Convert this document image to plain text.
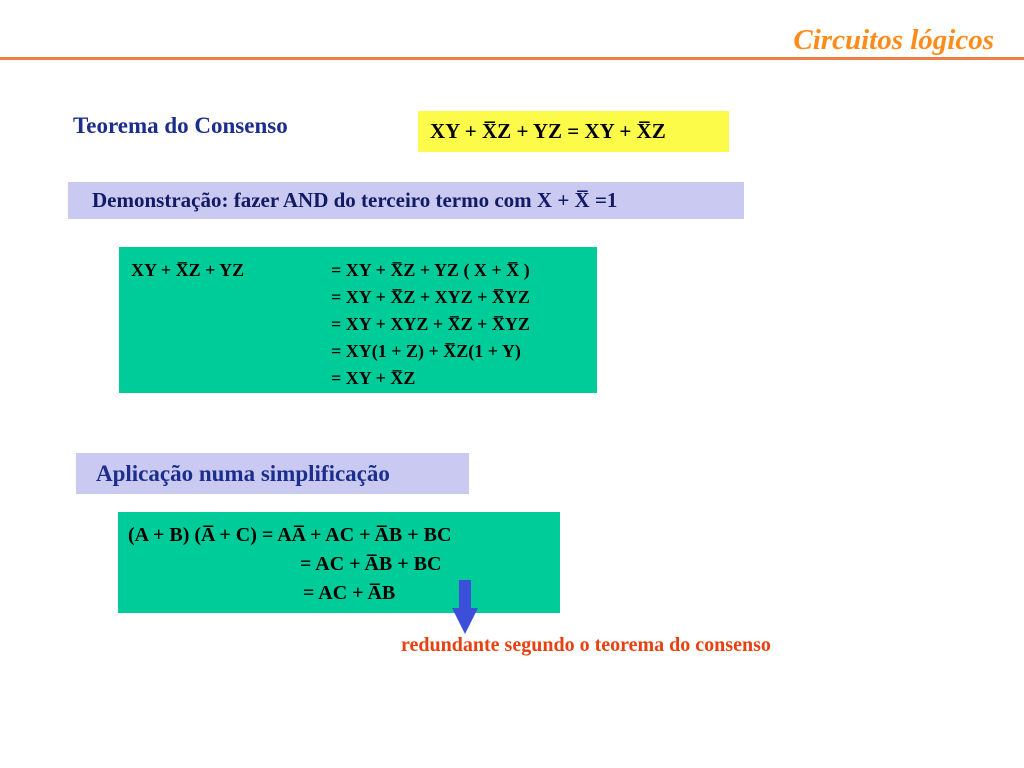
Circuitos lógicos
Teorema do Consenso	XY + X̅Z + YZ = XY + X̅Z
Demonstração: fazer AND do terceiro termo com X + X̅ =1
XY + X̅Z + YZ	= XY + X̅Z + YZ ( X + X̅ )
= XY + X̅Z + XYZ + X̅YZ
= XY + XYZ + X̅Z + X̅YZ
= XY(1 + Z) + X̅Z(1 + Y)
= XY + X̅Z
Aplicação numa simplificação
(A + B) (A̅ + C) = AA̅ + AC + A̅B + BC
= AC + A̅B + BC
= AC + A̅B
redundante segundo o teorema do consenso
